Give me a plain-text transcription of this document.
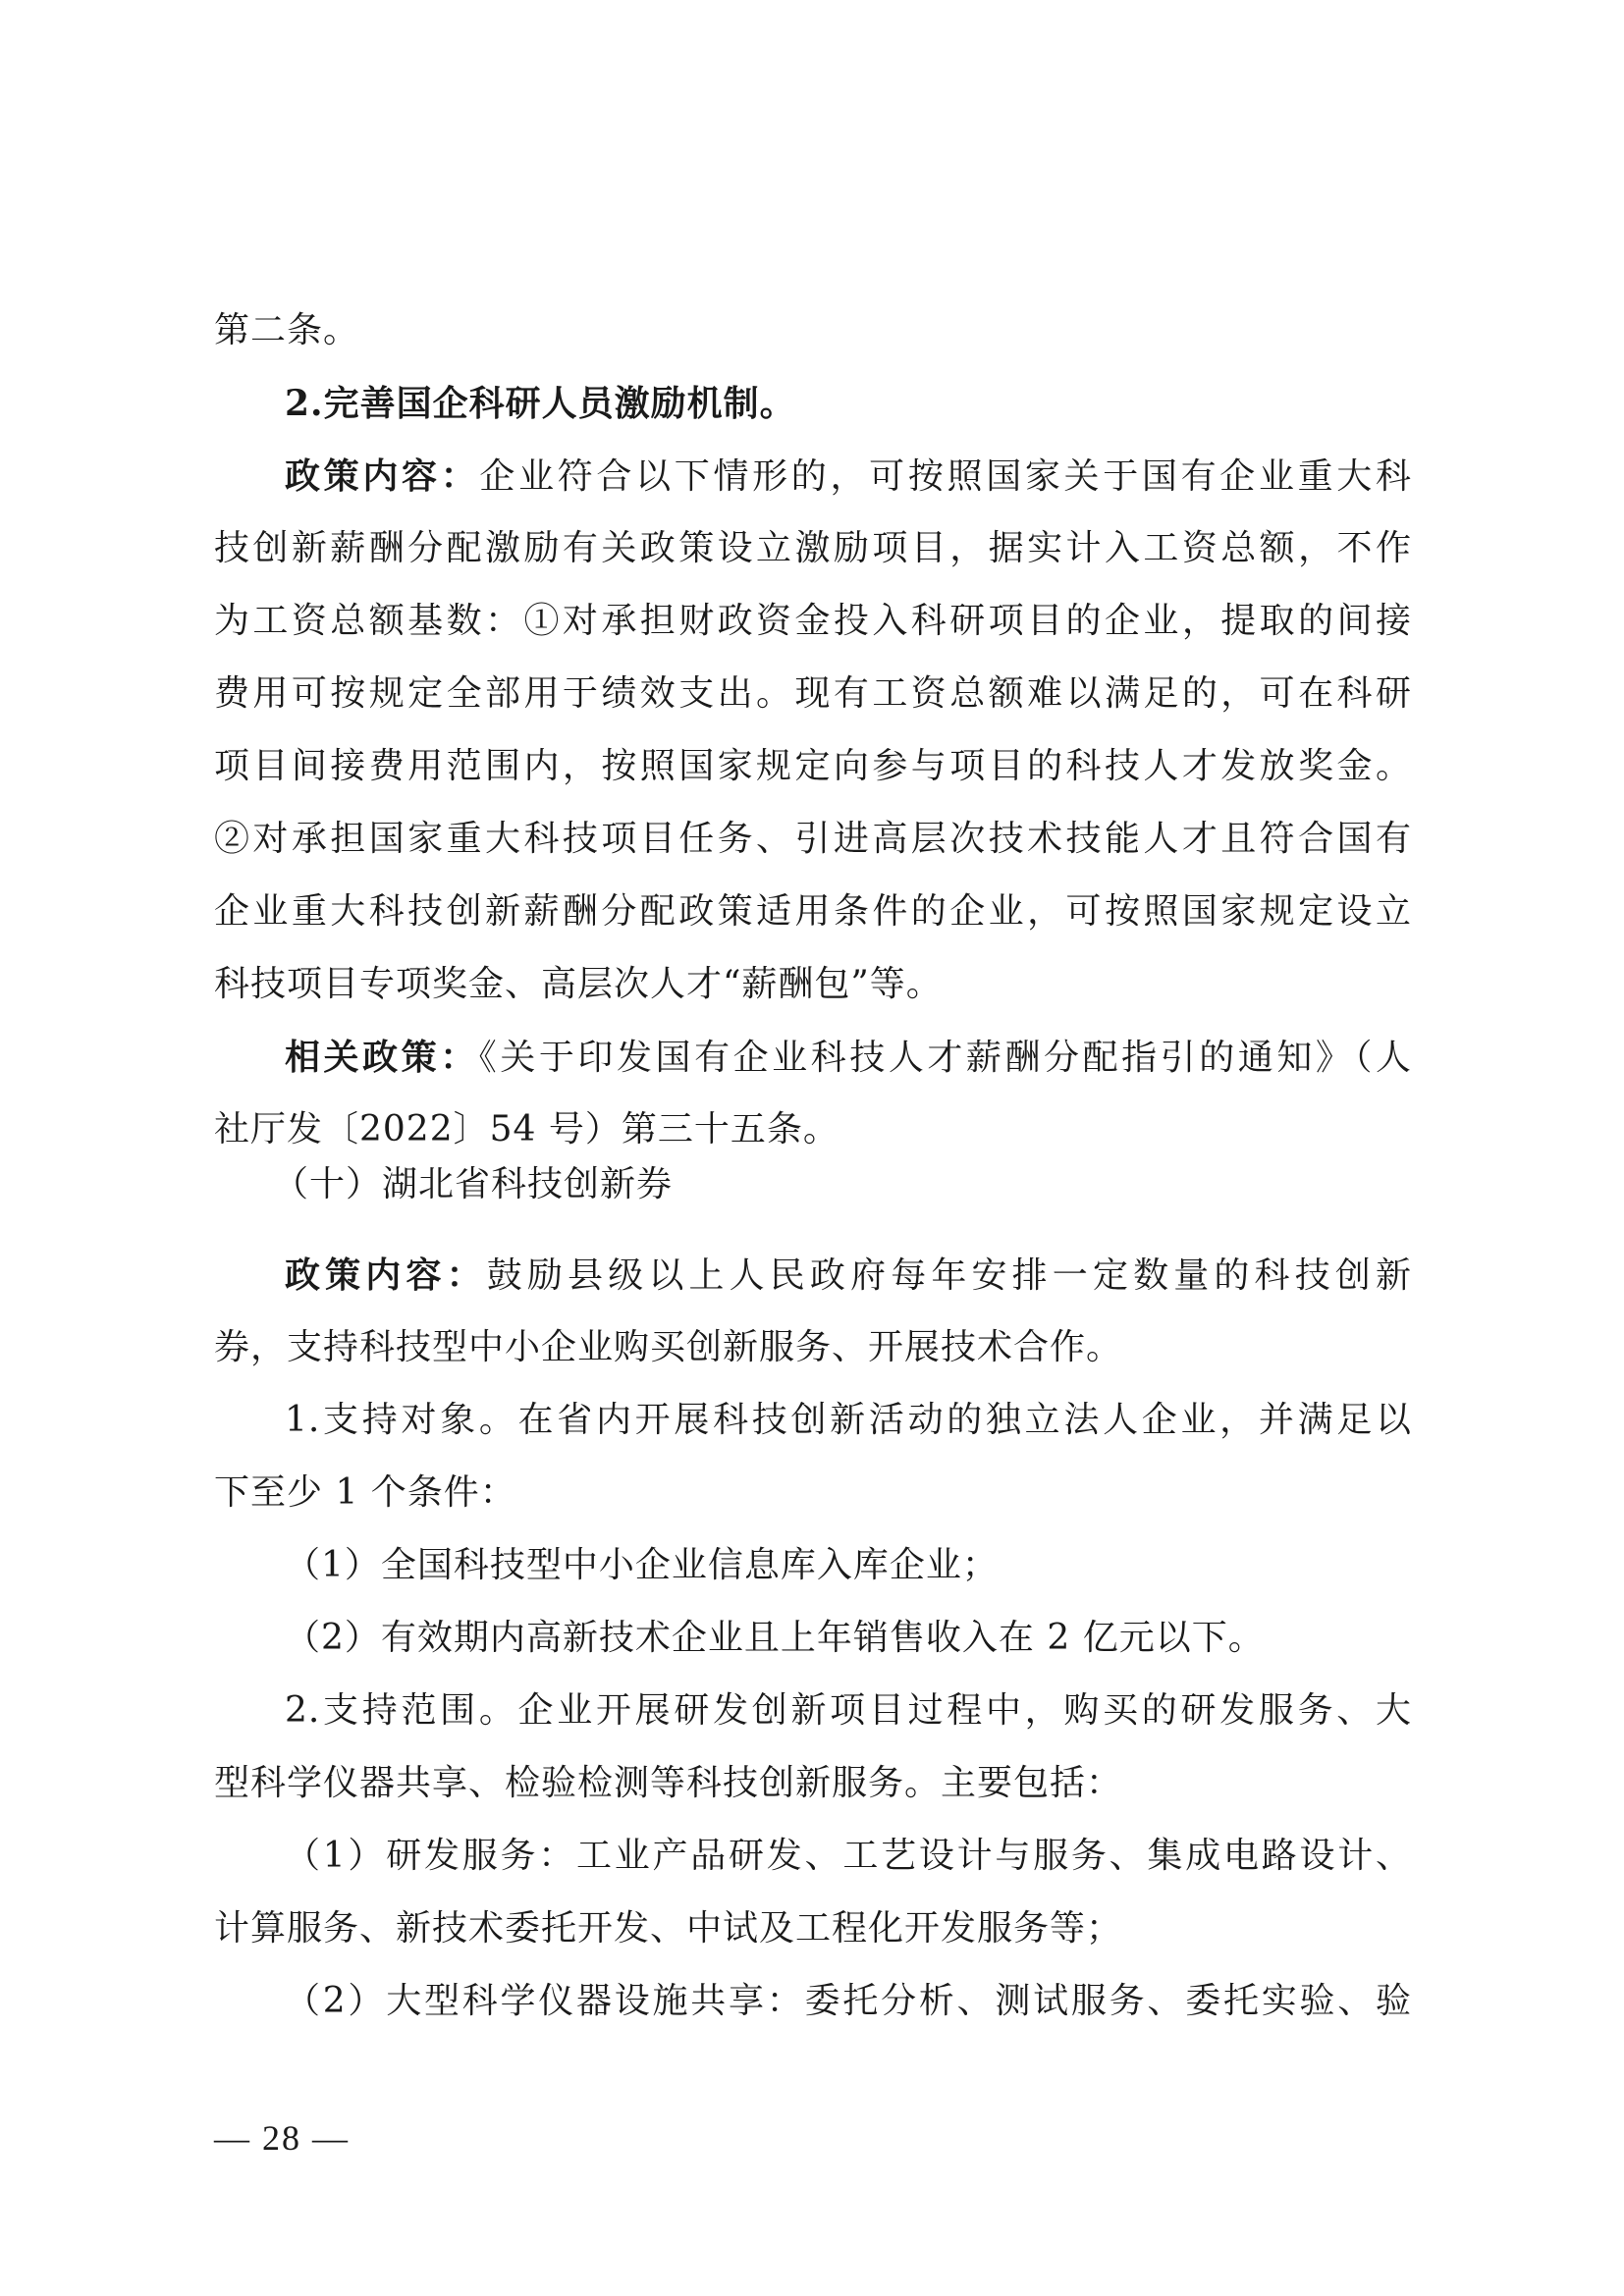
第二条。
2.完善国企科研人员激励机制。
政策内容：企业符合以下情形的，可按照国家关于国有企业重大科
技创新薪酬分配激励有关政策设立激励项目，据实计入工资总额，不作
为工资总额基数：①对承担财政资金投入科研项目的企业，提取的间接
费用可按规定全部用于绩效支出。现有工资总额难以满足的，可在科研
项目间接费用范围内，按照国家规定向参与项目的科技人才发放奖金。
②对承担国家重大科技项目任务、引进高层次技术技能人才且符合国有
企业重大科技创新薪酬分配政策适用条件的企业，可按照国家规定设立
科技项目专项奖金、高层次人才“薪酬包”等。
相关政策：《关于印发国有企业科技人才薪酬分配指引的通知》（人
社厅发〔2022〕54 号）第三十五条。
（十）湖北省科技创新券
政策内容：鼓励县级以上人民政府每年安排一定数量的科技创新
券，支持科技型中小企业购买创新服务、开展技术合作。
1.支持对象。在省内开展科技创新活动的独立法人企业，并满足以
下至少 1 个条件：
（1）全国科技型中小企业信息库入库企业；
（2）有效期内高新技术企业且上年销售收入在 2 亿元以下。
2.支持范围。企业开展研发创新项目过程中，购买的研发服务、大
型科学仪器共享、检验检测等科技创新服务。主要包括：
（1）研发服务：工业产品研发、工艺设计与服务、集成电路设计、
计算服务、新技术委托开发、中试及工程化开发服务等；
（2）大型科学仪器设施共享：委托分析、测试服务、委托实验、验
— 28 —
